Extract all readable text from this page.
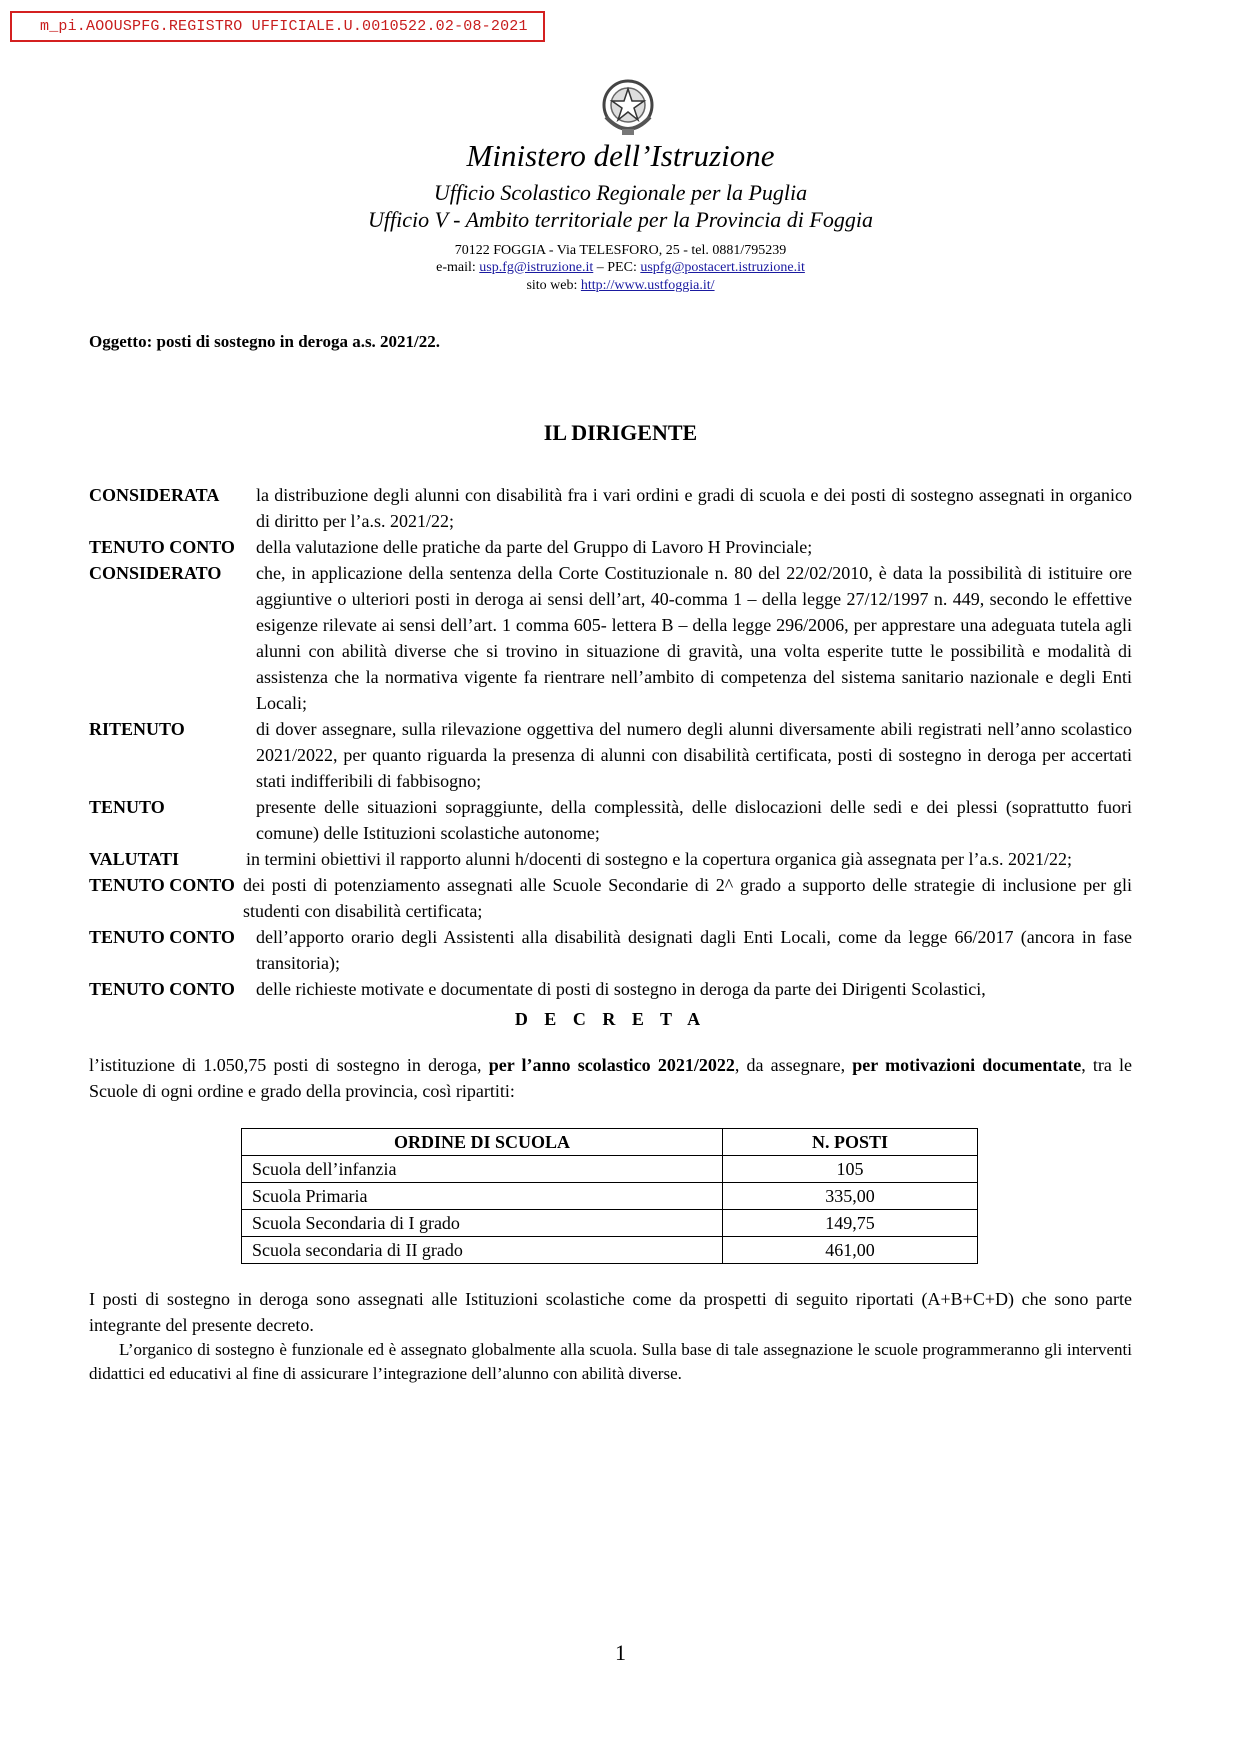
m_pi.AOOUSPFG.REGISTRO UFFICIALE.U.0010522.02-08-2021
Ministero dell’Istruzione
Ufficio Scolastico Regionale per la Puglia
Ufficio V - Ambito territoriale per la Provincia di Foggia
70122 FOGGIA - Via TELESFORO, 25 - tel. 0881/795239
e-mail: usp.fg@istruzione.it – PEC: uspfg@postacert.istruzione.it
sito web: http://www.ustfoggia.it/
Oggetto: posti di sostegno in deroga a.s. 2021/22.
IL DIRIGENTE
CONSIDERATA	la distribuzione degli alunni con disabilità fra i vari ordini e gradi di scuola e dei posti di sostegno assegnati in organico di diritto per l’a.s. 2021/22;
TENUTO CONTO	della valutazione delle pratiche da parte del Gruppo di Lavoro H Provinciale;
CONSIDERATO	che, in applicazione della sentenza della Corte Costituzionale n. 80 del 22/02/2010, è data la possibilità di istituire ore aggiuntive o ulteriori posti in deroga ai sensi dell’art, 40-comma 1 – della legge 27/12/1997 n. 449, secondo le effettive esigenze rilevate ai sensi dell’art. 1 comma 605- lettera B – della legge 296/2006, per apprestare una adeguata tutela agli alunni con abilità diverse che si trovino in situazione di gravità, una volta esperite tutte le possibilità e modalità di assistenza che la normativa vigente fa rientrare nell’ambito di competenza del sistema sanitario nazionale e degli Enti Locali;
RITENUTO	di dover assegnare, sulla rilevazione oggettiva del numero degli alunni diversamente abili registrati nell’anno scolastico 2021/2022, per quanto riguarda la presenza di alunni con disabilità certificata, posti di sostegno in deroga per accertati stati indifferibili di fabbisogno;
TENUTO	presente delle situazioni sopraggiunte, della complessità, delle dislocazioni delle sedi e dei plessi (soprattutto fuori comune) delle Istituzioni scolastiche autonome;
VALUTATI	in termini obiettivi il rapporto alunni h/docenti di sostegno e la copertura organica già assegnata per l’a.s. 2021/22;
TENUTO CONTO dei posti di potenziamento assegnati alle Scuole Secondarie di 2^ grado a supporto delle strategie di inclusione per gli studenti con disabilità certificata;
TENUTO CONTO	dell’apporto orario degli Assistenti alla disabilità designati dagli Enti Locali, come da legge 66/2017 (ancora in fase transitoria);
TENUTO CONTO	delle richieste motivate e documentate di posti di sostegno in deroga da parte dei Dirigenti Scolastici,
D E C R E T A
l’istituzione di 1.050,75 posti di sostegno in deroga, per l’anno scolastico 2021/2022, da assegnare, per motivazioni documentate, tra le Scuole di ogni ordine e grado della provincia, così ripartiti:
ORDINE DI SCUOLA	N. POSTI
Scuola dell’infanzia	105
Scuola Primaria	335,00
Scuola Secondaria di I grado	149,75
Scuola secondaria di II grado	461,00
I posti di sostegno in deroga sono assegnati alle Istituzioni scolastiche come da prospetti di seguito riportati (A+B+C+D) che sono parte integrante del presente decreto.
L’organico di sostegno è funzionale ed è assegnato globalmente alla scuola. Sulla base di tale assegnazione le scuole programmeranno gli interventi didattici ed educativi al fine di assicurare l’integrazione dell’alunno con abilità diverse.
1
